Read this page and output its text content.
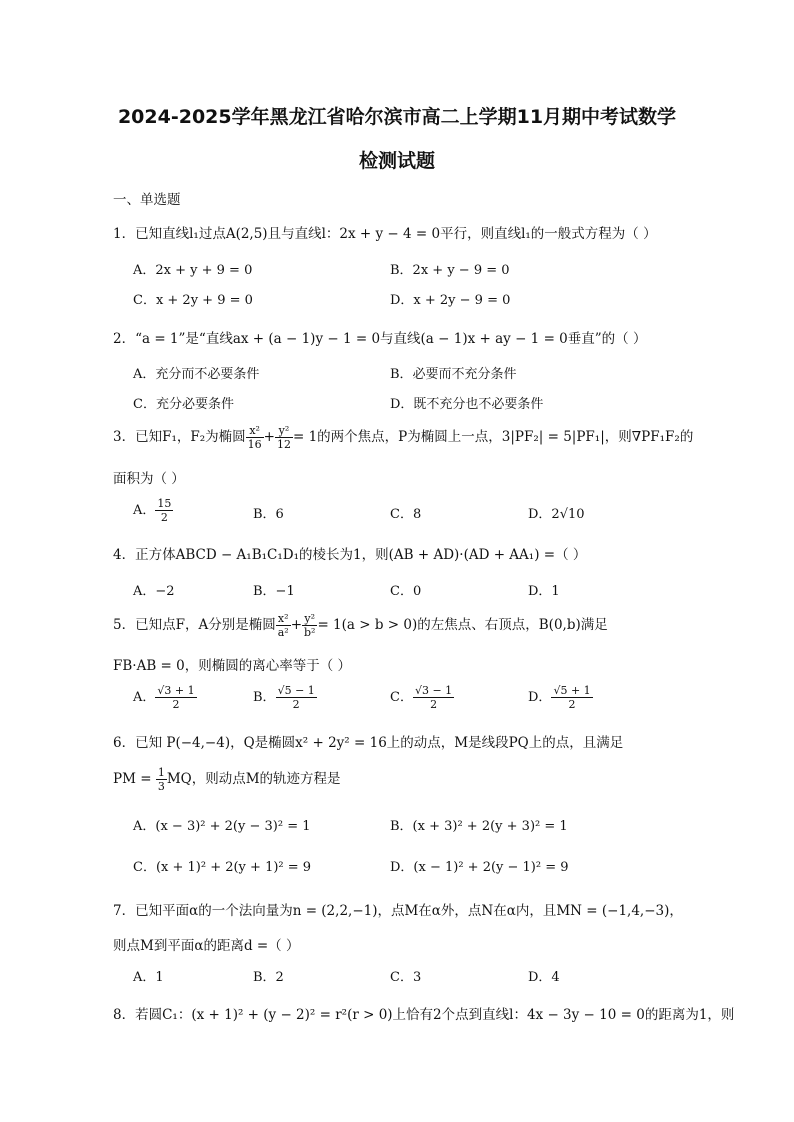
2024-2025学年黑龙江省哈尔滨市高二上学期11月期中考试数学
检测试题
一、单选题
1．已知直线l₁过点A(2,5)且与直线l：2x + y − 4 = 0平行，则直线l₁的一般式方程为（ ）
A．2x + y + 9 = 0	B．2x + y − 9 = 0
C．x + 2y + 9 = 0	D．x + 2y − 9 = 0
2．“a = 1”是“直线ax + (a − 1)y − 1 = 0与直线(a − 1)x + ay − 1 = 0垂直”的（ ）
A．充分而不必要条件	B．必要而不充分条件
C．充分必要条件	D．既不充分也不必要条件
3．已知F₁，F₂为椭圆 $\frac{\text{x²}}{16} + \frac{\text{y²}}{12} = 1$的两个焦点，P为椭圆上一点，3|PF₂| = 5|PF₁|，则∇PF₁F₂的
面积为（ ）
A． $\frac{15}{2}$	B．6	C．8	D．2√10
4．正方体ABCD − A₁B₁C₁D₁的棱长为1，则(AB + AD)·(AD + AA₁) =（ ）
A．−2	B．−1	C．0	D．1
5．已知点F，A分别是椭圆 $\frac{\text{x²}}{\text{a²}} + \frac{\text{y²}}{\text{b²}} = 1(a > b > 0)$的左焦点、右顶点，B(0,b)满足
FB·AB = 0，则椭圆的离心率等于（ ）
A． $\frac{√3 + 1}{2}$	B． $\frac{√5 - 1}{2}$	C． $\frac{√3 - 1}{2}$	D． $\frac{√5 + 1}{2}$
6．已知 P(−4,−4)，Q是椭圆x² + 2y² = 16上的动点，M是线段PQ上的点，且满足
PM = $\frac{1}{3}$ MQ，则动点M的轨迹方程是
A．(x − 3)² + 2(y − 3)² = 1	B．(x + 3)² + 2(y + 3)² = 1
C．(x + 1)² + 2(y + 1)² = 9	D．(x − 1)² + 2(y − 1)² = 9
7．已知平面α的一个法向量为n = (2,2,−1)，点M在α外，点N在α内，且MN = (−1,4,−3)，
则点M到平面α的距离d =（ ）
A．1	B．2	C．3	D．4
8．若圆C₁：(x + 1)² + (y − 2)² = r²(r > 0)上恰有2个点到直线l：4x − 3y − 10 = 0的距离为1，则
